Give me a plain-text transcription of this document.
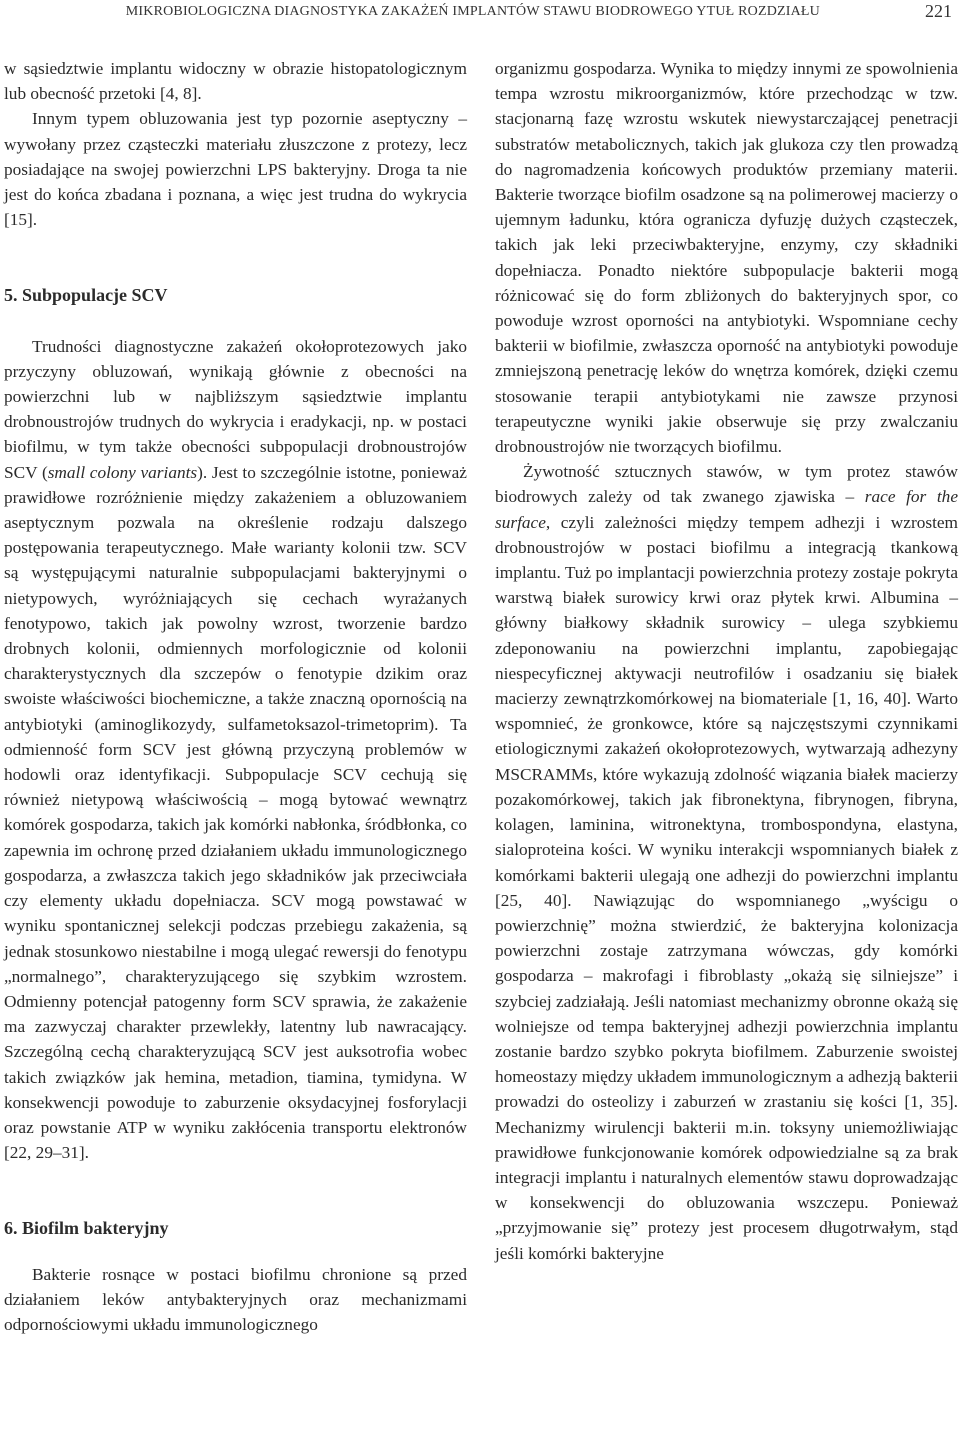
MIKROBIOLOGICZNA DIAGNOSTYKA ZAKAŻEŃ IMPLANTÓW STAWU BIODROWEGO YTUŁ ROZDZIAŁU	221

w sąsiedztwie implantu widoczny w obrazie histopatologicznym lub obecność przetoki [4, 8].

Innym typem obluzowania jest typ pozornie aseptyczny – wywołany przez cząsteczki materiału złuszczone z protezy, lecz posiadające na swojej powierzchni LPS bakteryjny. Droga ta nie jest do końca zbadana i poznana, a więc jest trudna do wykrycia [15].

5. Subpopulacje SCV

Trudności diagnostyczne zakażeń okołoprotezowych jako przyczyny obluzowań, wynikają głównie z obecności na powierzchni lub w najbliższym sąsiedztwie implantu drobnoustrojów trudnych do wykrycia i eradykacji, np. w postaci biofilmu, w tym także obecności subpopulacji drobnoustrojów SCV (small colony variants). Jest to szczególnie istotne, ponieważ prawidłowe rozróżnienie między zakażeniem a obluzowaniem aseptycznym pozwala na określenie rodzaju dalszego postępowania terapeutycznego. Małe warianty kolonii tzw. SCV są występującymi naturalnie subpopulacjami bakteryjnymi o nietypowych, wyróżniających się cechach wyrażanych fenotypowo, takich jak powolny wzrost, tworzenie bardzo drobnych kolonii, odmiennych morfologicznie od kolonii charakterystycznych dla szczepów o fenotypie dzikim oraz swoiste właściwości biochemiczne, a także znaczną opornością na antybiotyki (aminoglikozydy, sulfametoksazol-trimetoprim). Ta odmienność form SCV jest główną przyczyną problemów w hodowli oraz identyfikacji. Subpopulacje SCV cechują się również nietypową właściwością – mogą bytować wewnątrz komórek gospodarza, takich jak komórki nabłonka, śródbłonka, co zapewnia im ochronę przed działaniem układu immunologicznego gospodarza, a zwłaszcza takich jego składników jak przeciwciała czy elementy układu dopełniacza. SCV mogą powstawać w wyniku spontanicznej selekcji podczas przebiegu zakażenia, są jednak stosunkowo niestabilne i mogą ulegać rewersji do fenotypu „normalnego”, charakteryzującego się szybkim wzrostem. Odmienny potencjał patogenny form SCV sprawia, że zakażenie ma zazwyczaj charakter przewlekły, latentny lub nawracający. Szczególną cechą charakteryzującą SCV jest auksotrofia wobec takich związków jak hemina, metadion, tiamina, tymidyna. W konsekwencji powoduje to zaburzenie oksydacyjnej fosforylacji oraz powstanie ATP w wyniku zakłócenia transportu elektronów [22, 29–31].

6. Biofilm bakteryjny

Bakterie rosnące w postaci biofilmu chronione są przed działaniem leków antybakteryjnych oraz mechanizmami odpornościowymi układu immunologicznego

organizmu gospodarza. Wynika to między innymi ze spowolnienia tempa wzrostu mikroorganizmów, które przechodząc w tzw. stacjonarną fazę wzrostu wskutek niewystarczającej penetracji substratów metabolicznych, takich jak glukoza czy tlen prowadzą do nagromadzenia końcowych produktów przemiany materii. Bakterie tworzące biofilm osadzone są na polimerowej macierzy o ujemnym ładunku, która ogranicza dyfuzję dużych cząsteczek, takich jak leki przeciwbakteryjne, enzymy, czy składniki dopełniacza. Ponadto niektóre subpopulacje bakterii mogą różnicować się do form zbliżonych do bakteryjnych spor, co powoduje wzrost oporności na antybiotyki. Wspomniane cechy bakterii w biofilmie, zwłaszcza oporność na antybiotyki powoduje zmniejszoną penetrację leków do wnętrza komórek, dzięki czemu stosowanie terapii antybiotykami nie zawsze przynosi terapeutyczne wyniki jakie obserwuje się przy zwalczaniu drobnoustrojów nie tworzących biofilmu.

Żywotność sztucznych stawów, w tym protez stawów biodrowych zależy od tak zwanego zjawiska – race for the surface, czyli zależności między tempem adhezji i wzrostem drobnoustrojów w postaci biofilmu a integracją tkankową implantu. Tuż po implantacji powierzchnia protezy zostaje pokryta warstwą białek surowicy krwi oraz płytek krwi. Albumina – główny białkowy składnik surowicy – ulega szybkiemu zdeponowaniu na powierzchni implantu, zapobiegając niespecyficznej aktywacji neutrofilów i osadzaniu się białek macierzy zewnątrzkomórkowej na biomateriale [1, 16, 40]. Warto wspomnieć, że gronkowce, które są najczęstszymi czynnikami etiologicznymi zakażeń okołoprotezowych, wytwarzają adhezyny MSCRAMMs, które wykazują zdolność wiązania białek macierzy pozakomórkowej, takich jak fibronektyna, fibrynogen, fibryna, kolagen, laminina, witronektyna, trombospondyna, elastyna, sialoproteina kości. W wyniku interakcji wspomnianych białek z komórkami bakterii ulegają one adhezji do powierzchni implantu [25, 40]. Nawiązując do wspomnianego „wyścigu o powierzchnię” można stwierdzić, że bakteryjna kolonizacja powierzchni zostaje zatrzymana wówczas, gdy komórki gospodarza – makrofagi i fibroblasty „okażą się silniejsze” i szybciej zadziałają. Jeśli natomiast mechanizmy obronne okażą się wolniejsze od tempa bakteryjnej adhezji powierzchnia implantu zostanie bardzo szybko pokryta biofilmem. Zaburzenie swoistej homeostazy między układem immunologicznym a adhezją bakterii prowadzi do osteolizy i zaburzeń w zrastaniu się kości [1, 35]. Mechanizmy wirulencji bakterii m.in. toksyny uniemożliwiając prawidłowe funkcjonowanie komórek odpowiedzialne są za brak integracji implantu i naturalnych elementów stawu doprowadzając w konsekwencji do obluzowania wszczepu. Ponieważ „przyjmowanie się” protezy jest procesem długotrwałym, stąd jeśli komórki bakteryjne
